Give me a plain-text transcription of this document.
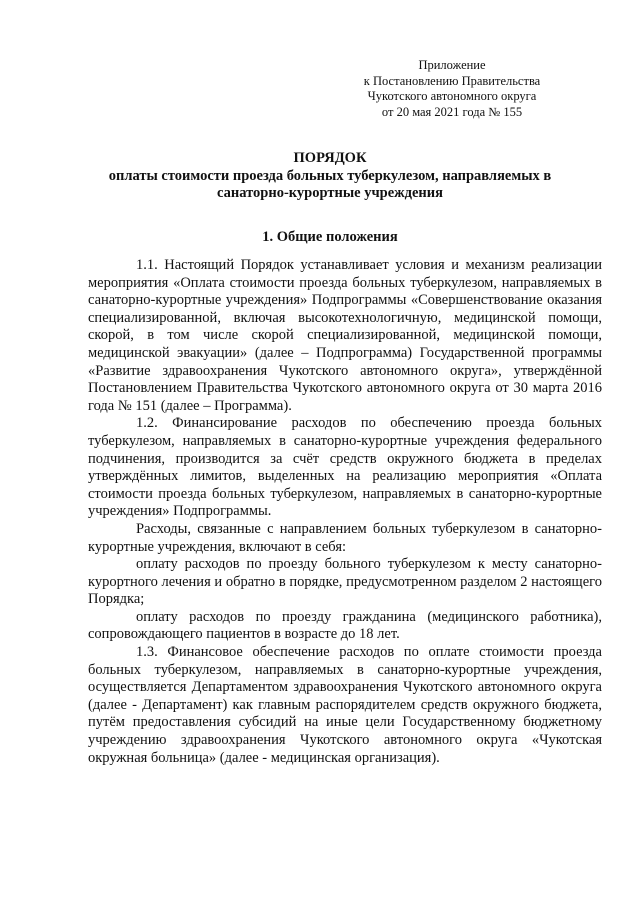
Приложение
к Постановлению Правительства
Чукотского автономного округа
от 20 мая 2021 года № 155
ПОРЯДОК
оплаты стоимости проезда больных туберкулезом, направляемых в
санаторно-курортные учреждения
1. Общие положения

1.1. Настоящий Порядок устанавливает условия и механизм реализации мероприятия «Оплата стоимости проезда больных туберкулезом, направляемых в санаторно-курортные учреждения» Подпрограммы «Совершенствование оказания специализированной, включая высокотехнологичную, медицинской помощи, скорой, в том числе скорой специализированной, медицинской помощи, медицинской эвакуации» (далее – Подпрограмма) Государственной программы «Развитие здравоохранения Чукотского автономного округа», утверждённой Постановлением Правительства Чукотского автономного округа от 30 марта 2016 года № 151 (далее – Программа).

1.2. Финансирование расходов по обеспечению проезда больных туберкулезом, направляемых в санаторно-курортные учреждения федерального подчинения, производится за счёт средств окружного бюджета в пределах утверждённых лимитов, выделенных на реализацию мероприятия «Оплата стоимости проезда больных туберкулезом, направляемых в санаторно-курортные учреждения» Подпрограммы.

Расходы, связанные с направлением больных туберкулезом в санаторно-курортные учреждения, включают в себя:

оплату расходов по проезду больного туберкулезом к месту санаторно-курортного лечения и обратно в порядке, предусмотренном разделом 2 настоящего Порядка;

оплату расходов по проезду гражданина (медицинского работника), сопровождающего пациентов в возрасте до 18 лет.

1.3. Финансовое обеспечение расходов по оплате стоимости проезда больных туберкулезом, направляемых в санаторно-курортные учреждения, осуществляется Департаментом здравоохранения Чукотского автономного округа (далее - Департамент) как главным распорядителем средств окружного бюджета, путём предоставления субсидий на иные цели Государственному бюджетному учреждению здравоохранения Чукотского автономного округа «Чукотская окружная больница» (далее - медицинская организация).
